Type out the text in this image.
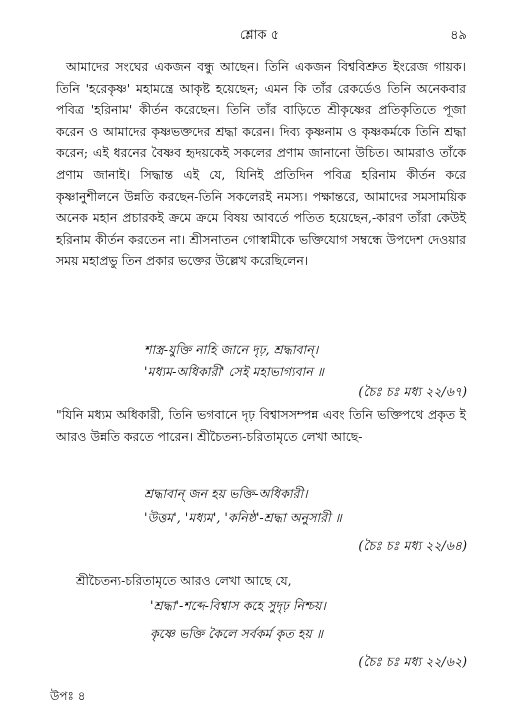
শ্লোক ৫	৪৯

আমাদের সংঘের একজন বন্ধু আছেন। তিনি একজন বিশ্ববিশ্রুত ইংরেজ গায়ক। তিনি 'হরেকৃষ্ণ' মহামন্ত্রে আকৃষ্ট হয়েছেন; এমন কি তাঁর রেকর্ডেও তিনি অনেকবার পবিত্র 'হরিনাম' কীর্তন করেছেন। তিনি তাঁর বাড়িতে শ্রীকৃষ্ণের প্রতিকৃতিতে পূজা করেন ও আমাদের কৃষ্ণভক্তদের শ্রদ্ধা করেন। দিব্য কৃষ্ণনাম ও কৃষ্ণকর্মকে তিনি শ্রদ্ধা করেন; এই ধরনের বৈষ্ণব হৃদয়কেই সকলের প্রণাম জানানো উচিত। আমরাও তাঁকে প্রণাম জানাই। সিদ্ধান্ত এই যে, যিনিই প্রতিদিন পবিত্র হরিনাম কীর্তন করে কৃষ্ণানুশীলনে উন্নতি করছেন-তিনি সকলেরই নমস্য। পক্ষান্তরে, আমাদের সমসাময়িক অনেক মহান প্রচারকই ক্রমে ক্রমে বিষয় আবর্তে পতিত হয়েছেন,-কারণ তাঁরা কেউই হরিনাম কীর্তন করতেন না। শ্রীসনাতন গোস্বামীকে ভক্তিযোগ সম্বন্ধে উপদেশ দেওয়ার সময় মহাপ্রভু তিন প্রকার ভক্তের উল্লেখ করেছিলেন।

শাস্ত্র-যুক্তি নাহি জানে দৃঢ়, শ্রদ্ধাবান্।
'মধ্যম-অধিকারী' সেই মহাভাগ্যবান ॥
(চৈঃ চঃ মধ্য ২২/৬৭)

"যিনি মধ্যম অধিকারী, তিনি ভগবানে দৃঢ় বিশ্বাসসম্পন্ন এবং তিনি ভক্তিপথে প্রকৃত ই আরও উন্নতি করতে পারেন। শ্রীচৈতন্য-চরিতামৃতে লেখা আছে-

শ্রদ্ধাবান্ জন হয় ভক্তি-অধিকারী।
'উত্তম', 'মধ্যম', 'কনিষ্ঠ'-শ্রদ্ধা অনুসারী ॥
(চৈঃ চঃ মধ্য ২২/৬৪)

শ্রীচৈতন্য-চরিতামৃতে আরও লেখা আছে যে,

'শ্রদ্ধা'-শব্দে-বিশ্বাস কহে সুদৃঢ় নিশ্চয়।
কৃষ্ণে ভক্তি কৈলে সর্বকর্ম কৃত হয় ॥
(চৈঃ চঃ মধ্য ২২/৬২)
উপঃ ৪
